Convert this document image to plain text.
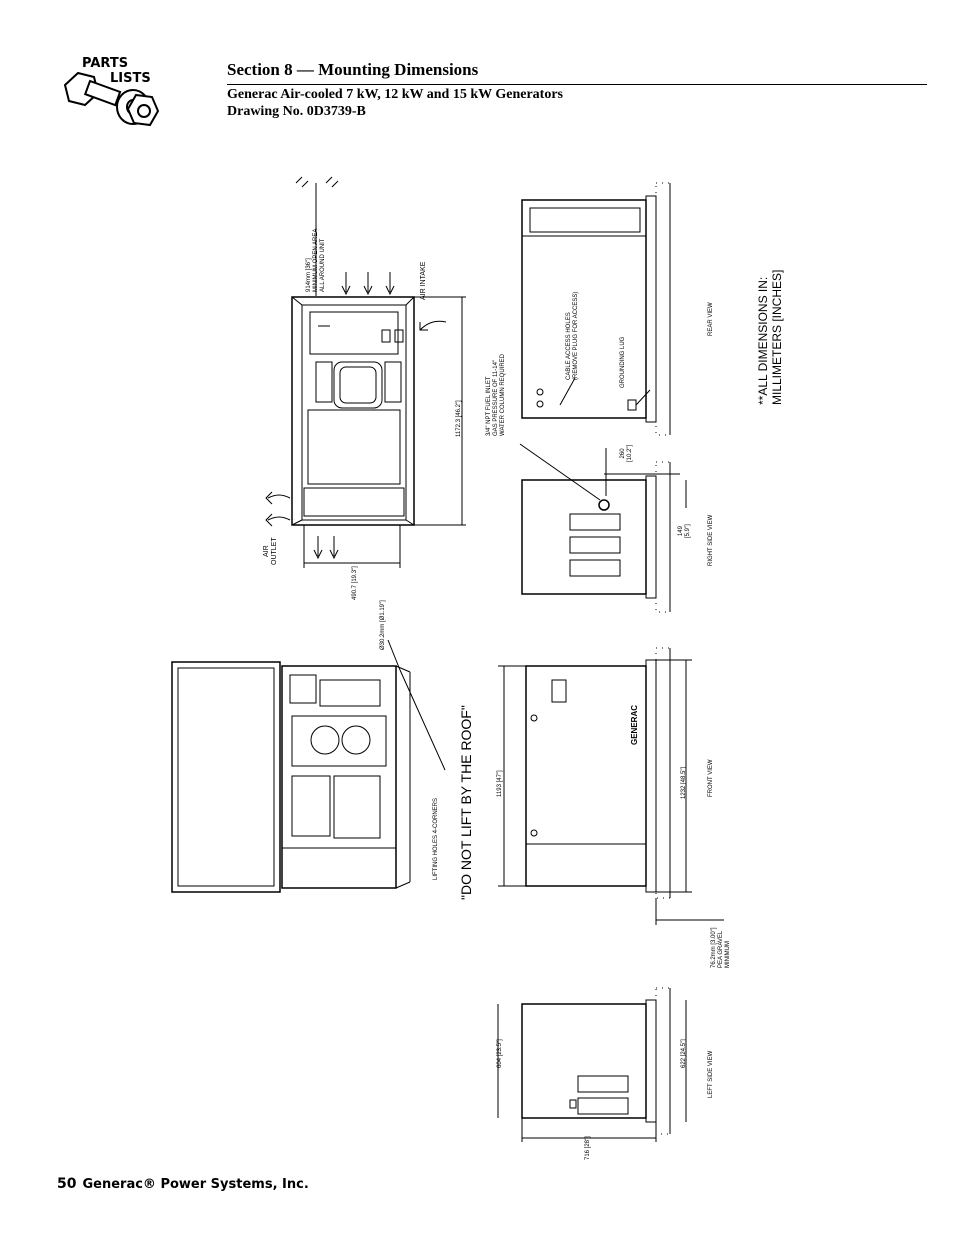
PARTS
LISTS	Section 8 — Mounting Dimensions
Generac Air-cooled 7 kW, 12 kW and 15 kW Generators
Drawing No. 0D3739-B
914mm [36"] MINIMUM OPEN AREA ALL AROUND UNIT	AIR INTAKE
AIR OUTLET
1172.3 [46.2"]
490.7 [19.3"]
Ø30.2mm [Ø1.19"]
3/4" NPT FUEL INLET GAS PRESSURE OF 11-14" WATER COLUMN REQUIRED
CABLE ACCESS HOLES (REMOVE PLUG FOR ACCESS)	GROUNDING LUG
REAR VIEW
260 [10.2"]
149 [5.9"]	RIGHT SIDE VIEW
**ALL DIMENSIONS IN: MILLIMETERS [INCHES]
LIFTING HOLES 4-CORNERS "DO NOT LIFT BY THE ROOF"	1193 [47"]	1232 [48.5"]	FRONT VIEW
GENERAC
76.2mm [3.00"] PEA GRAVEL MINIMUM
604 [23.5"]	622 [24.5"]
716 [28"]
LEFT SIDE VIEW
50 Generac® Power Systems, Inc.
